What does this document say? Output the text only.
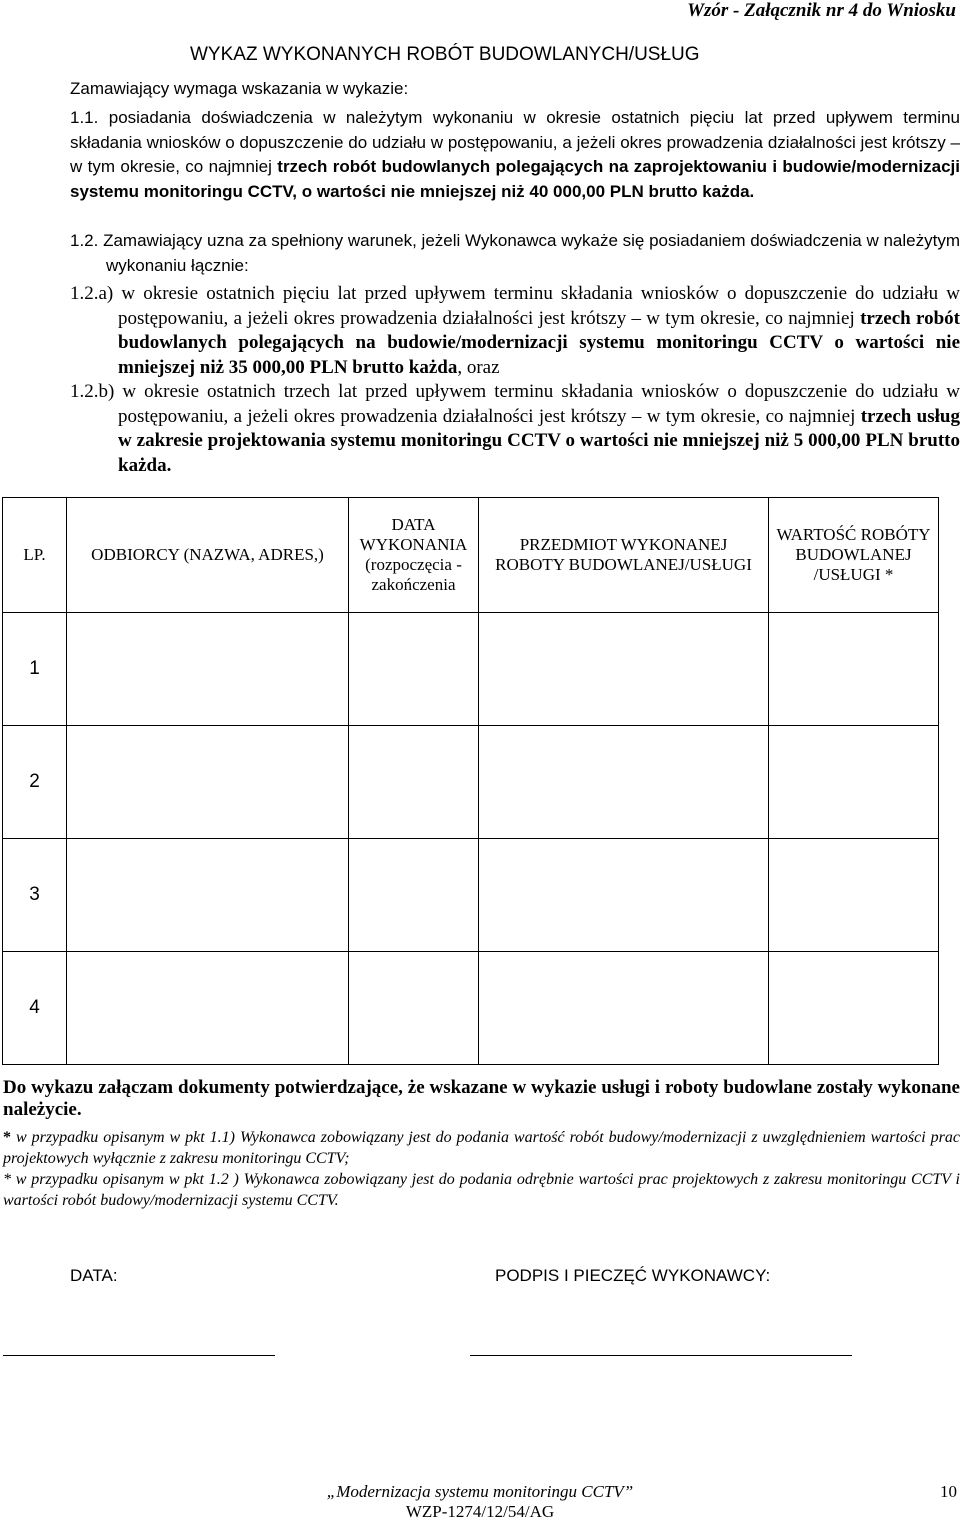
Wzór - Załącznik nr 4 do Wniosku
WYKAZ WYKONANYCH ROBÓT BUDOWLANYCH/USŁUG
Zamawiający wymaga wskazania w wykazie:
1.1. posiadania doświadczenia w należytym wykonaniu w okresie ostatnich pięciu lat przed upływem terminu składania wniosków o dopuszczenie do udziału w postępowaniu, a jeżeli okres prowadzenia działalności jest krótszy – w tym okresie, co najmniej trzech robót budowlanych polegających na zaprojektowaniu i budowie/modernizacji systemu monitoringu CCTV, o wartości nie mniejszej niż 40 000,00 PLN brutto każda.
1.2. Zamawiający uzna za spełniony warunek, jeżeli Wykonawca wykaże się posiadaniem doświadczenia w należytym wykonaniu łącznie:
1.2.a) w okresie ostatnich pięciu lat przed upływem terminu składania wniosków o dopuszczenie do udziału w postępowaniu, a jeżeli okres prowadzenia działalności jest krótszy – w tym okresie, co najmniej trzech robót budowlanych polegających na budowie/modernizacji systemu monitoringu CCTV o wartości nie mniejszej niż 35 000,00 PLN brutto każda, oraz
1.2.b) w okresie ostatnich trzech lat przed upływem terminu składania wniosków o dopuszczenie do udziału w postępowaniu, a jeżeli okres prowadzenia działalności jest krótszy – w tym okresie, co najmniej trzech usług w zakresie projektowania systemu monitoringu CCTV o wartości nie mniejszej niż 5 000,00 PLN brutto każda.
LP.	ODBIORCY (NAZWA, ADRES,)	DATA WYKONANIA (rozpoczęcia - zakończenia	PRZEDMIOT WYKONANEJ ROBOTY BUDOWLANEJ/USŁUGI	WARTOŚĆ ROBÓTY BUDOWLANEJ /USŁUGI *
1				
2				
3				
4				
Do wykazu załączam dokumenty potwierdzające, że wskazane w wykazie usługi i roboty budowlane zostały wykonane należycie.
* w przypadku opisanym w pkt 1.1) Wykonawca zobowiązany jest do podania wartość robót budowy/modernizacji z uwzględnieniem wartości prac projektowych wyłącznie z zakresu monitoringu CCTV;
* w przypadku opisanym w pkt 1.2 ) Wykonawca zobowiązany jest do podania odrębnie wartości prac projektowych z zakresu monitoringu CCTV i wartości robót budowy/modernizacji systemu CCTV.
DATA:	PODPIS I PIECZĘĆ WYKONAWCY:
„Modernizacja systemu monitoringu CCTV”
WZP-1274/12/54/AG
10
